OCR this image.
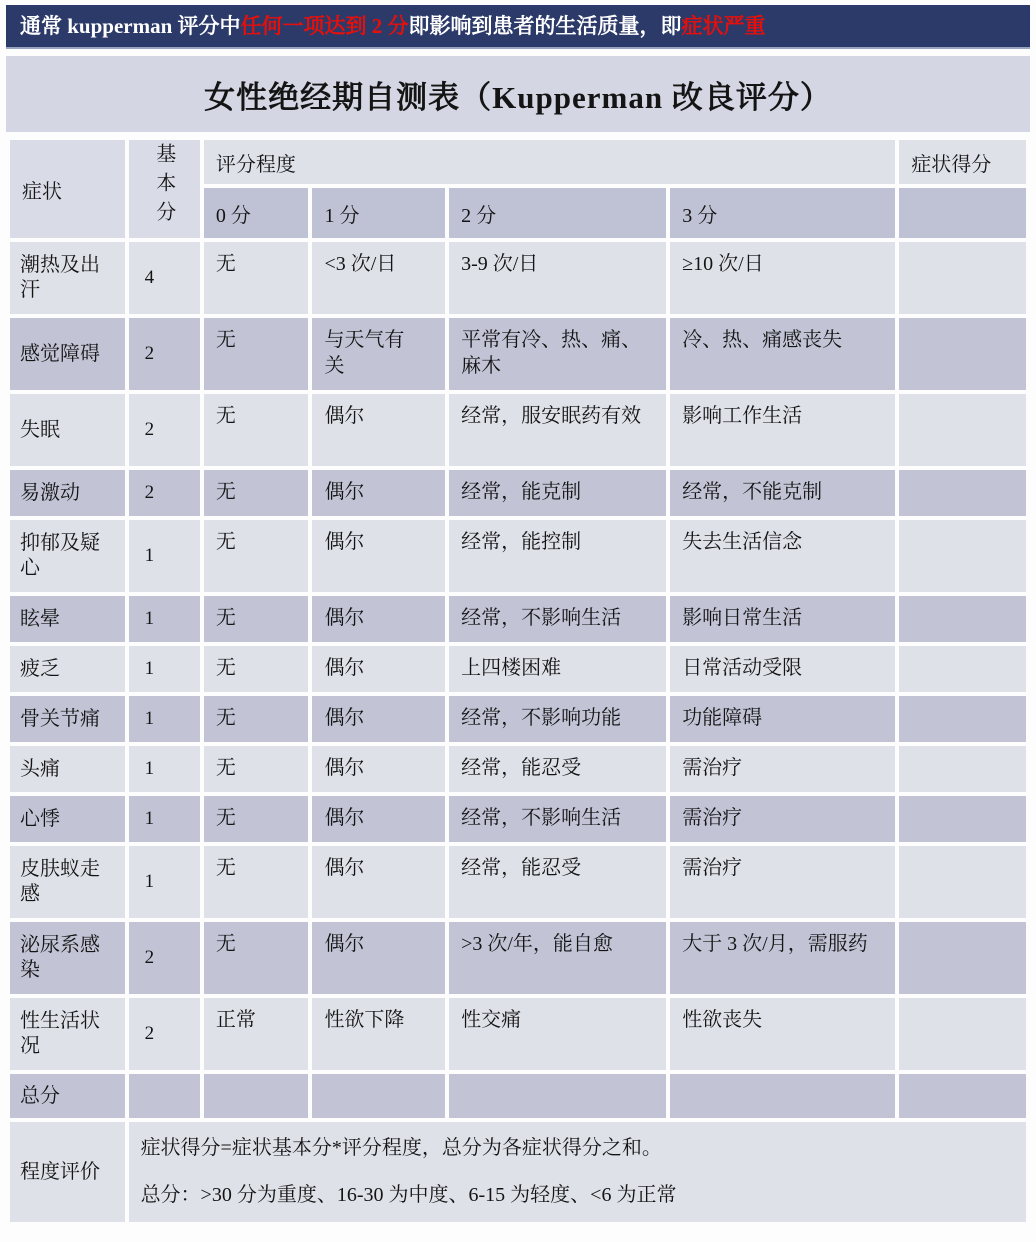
通常 kupperman 评分中任何一项达到 2 分即影响到患者的生活质量，即症状严重
女性绝经期自测表（Kupperman 改良评分）
症状	基本分	评分程度				症状得分
		0 分	1 分	2 分	3 分	
潮热及出汗	4	无	<3 次/日	3-9 次/日	≥10 次/日	
感觉障碍	2	无	与天气有关	平常有冷、热、痛、麻木	冷、热、痛感丧失	
失眠	2	无	偶尔	经常，服安眠药有效	影响工作生活	
易激动	2	无	偶尔	经常，能克制	经常，不能克制	
抑郁及疑心	1	无	偶尔	经常，能控制	失去生活信念	
眩晕	1	无	偶尔	经常，不影响生活	影响日常生活	
疲乏	1	无	偶尔	上四楼困难	日常活动受限	
骨关节痛	1	无	偶尔	经常，不影响功能	功能障碍	
头痛	1	无	偶尔	经常，能忍受	需治疗	
心悸	1	无	偶尔	经常，不影响生活	需治疗	
皮肤蚁走感	1	无	偶尔	经常，能忍受	需治疗	
泌尿系感染	2	无	偶尔	>3 次/年，能自愈	大于 3 次/月，需服药	
性生活状况	2	正常	性欲下降	性交痛	性欲丧失	
总分						
程度评价	症状得分=症状基本分*评分程度，总分为各症状得分之和。
总分：>30 分为重度、16-30 为中度、6-15 为轻度、<6 为正常					
